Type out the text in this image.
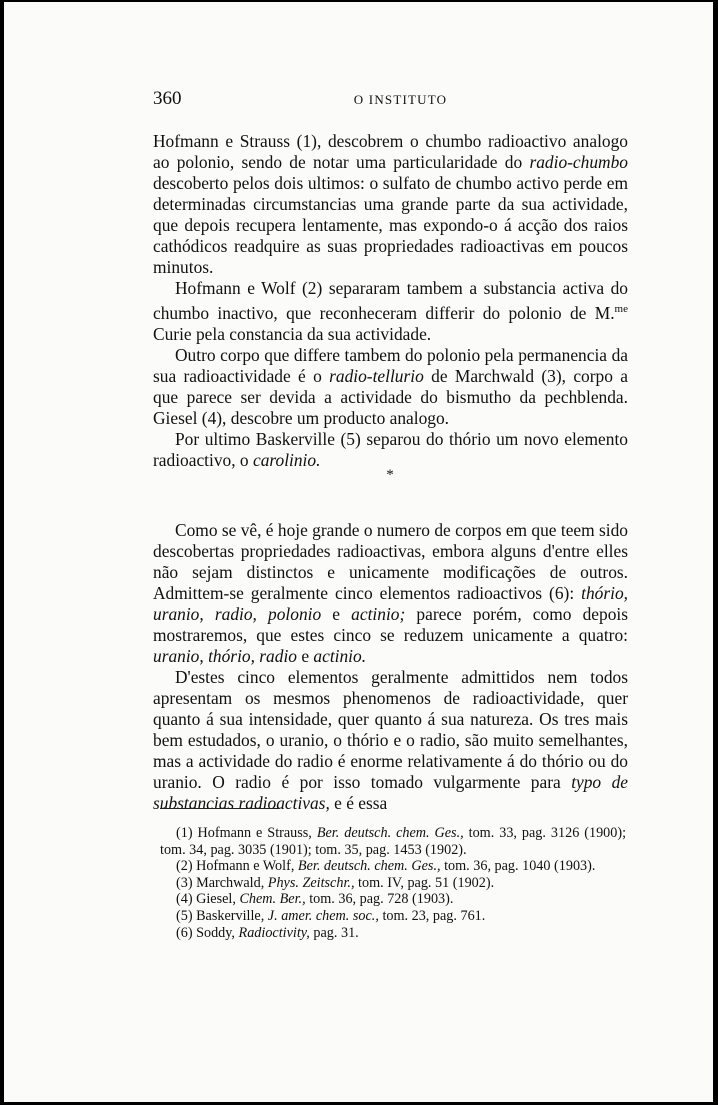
360	O INSTITUTO

Hofmann e Strauss (1), descobrem o chumbo radioactivo analogo ao polonio, sendo de notar uma particularidade do radio-chumbo descoberto pelos dois ultimos: o sulfato de chumbo activo perde em determinadas circumstancias uma grande parte da sua actividade, que depois recupera lentamente, mas expondo-o á acção dos raios cathódicos readquire as suas propriedades radioactivas em poucos minutos.

Hofmann e Wolf (2) separaram tambem a substancia activa do chumbo inactivo, que reconheceram differir do polonio de M.$^{me}$ Curie pela constancia da sua actividade.

Outro corpo que differe tambem do polonio pela permanencia da sua radioactividade é o radio-tellurio de Marchwald (3), corpo a que parece ser devida a actividade do bismutho da pechblenda. Giesel (4), descobre um producto analogo.

Por ultimo Baskerville (5) separou do thório um novo elemento radioactivo, o carolinio.

*

Como se vê, é hoje grande o numero de corpos em que teem sido descobertas propriedades radioactivas, embora alguns d'entre elles não sejam distinctos e unicamente modificações de outros. Admittem-se geralmente cinco elementos radioactivos (6): thório, uranio, radio, polonio e actinio; parece porém, como depois mostraremos, que estes cinco se reduzem unicamente a quatro: uranio, thório, radio e actinio.

D'estes cinco elementos geralmente admittidos nem todos apresentam os mesmos phenomenos de radioactividade, quer quanto á sua intensidade, quer quanto á sua natureza. Os tres mais bem estudados, o uranio, o thório e o radio, são muito semelhantes, mas a actividade do radio é enorme relativamente á do thório ou do uranio. O radio é por isso tomado vulgarmente para typo de substancias radioactivas, e é essa

(1) Hofmann e Strauss, Ber. deutsch. chem. Ges., tom. 33, pag. 3126 (1900); tom. 34, pag. 3035 (1901); tom. 35, pag. 1453 (1902).
(2) Hofmann e Wolf, Ber. deutsch. chem. Ges., tom. 36, pag. 1040 (1903).
(3) Marchwald, Phys. Zeitschr., tom. IV, pag. 51 (1902).
(4) Giesel, Chem. Ber., tom. 36, pag. 728 (1903).
(5) Baskerville, J. amer. chem. soc., tom. 23, pag. 761.
(6) Soddy, Radioctivity, pag. 31.
